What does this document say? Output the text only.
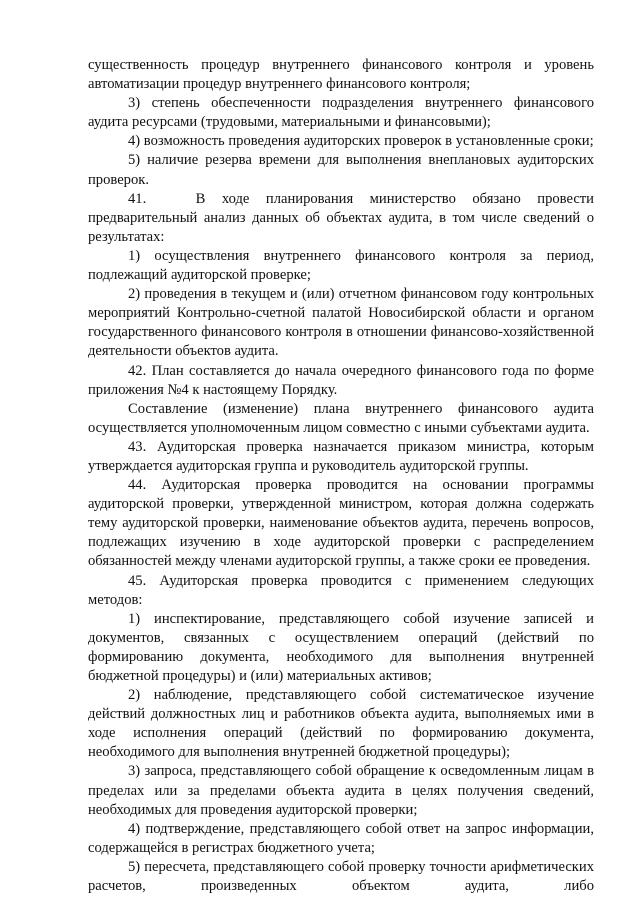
существенность процедур внутреннего финансового контроля и уровень автоматизации процедур внутреннего финансового контроля;

3) степень обеспеченности подразделения внутреннего финансового аудита ресурсами (трудовыми, материальными и финансовыми);

4) возможность проведения аудиторских проверок в установленные сроки;

5) наличие резерва времени для выполнения внеплановых аудиторских проверок.

41.   В ходе планирования министерство обязано провести предварительный анализ данных об объектах аудита, в том числе сведений о результатах:

1) осуществления внутреннего финансового контроля за период, подлежащий аудиторской проверке;

2) проведения в текущем и (или) отчетном финансовом году контрольных мероприятий Контрольно-счетной палатой Новосибирской области и органом государственного финансового контроля в отношении финансово-хозяйственной деятельности объектов аудита.

42. План составляется до начала очередного финансового года по форме приложения №4 к настоящему Порядку.

Составление (изменение) плана внутреннего финансового аудита осуществляется уполномоченным лицом совместно с иными субъектами аудита.

43. Аудиторская проверка назначается приказом министра, которым утверждается аудиторская группа и руководитель аудиторской группы.

44. Аудиторская проверка проводится на основании программы аудиторской проверки, утвержденной министром, которая должна содержать тему аудиторской проверки, наименование объектов аудита, перечень вопросов, подлежащих изучению в ходе аудиторской проверки с распределением обязанностей между членами аудиторской группы, а также сроки ее проведения.

45. Аудиторская проверка проводится с применением следующих методов:

1) инспектирование, представляющего собой изучение записей и документов, связанных с осуществлением операций (действий по формированию документа, необходимого для выполнения внутренней бюджетной процедуры) и (или) материальных активов;

2) наблюдение, представляющего собой систематическое изучение действий должностных лиц и работников объекта аудита, выполняемых ими в ходе исполнения операций (действий по формированию документа, необходимого для выполнения внутренней бюджетной процедуры);

3) запроса, представляющего собой обращение к осведомленным лицам в пределах или за пределами объекта аудита в целях получения сведений, необходимых для проведения аудиторской проверки;

4) подтверждение, представляющего собой ответ на запрос информации, содержащейся в регистрах бюджетного учета;

5) пересчета, представляющего собой проверку точности арифметических расчетов, произведенных объектом аудита, либо
